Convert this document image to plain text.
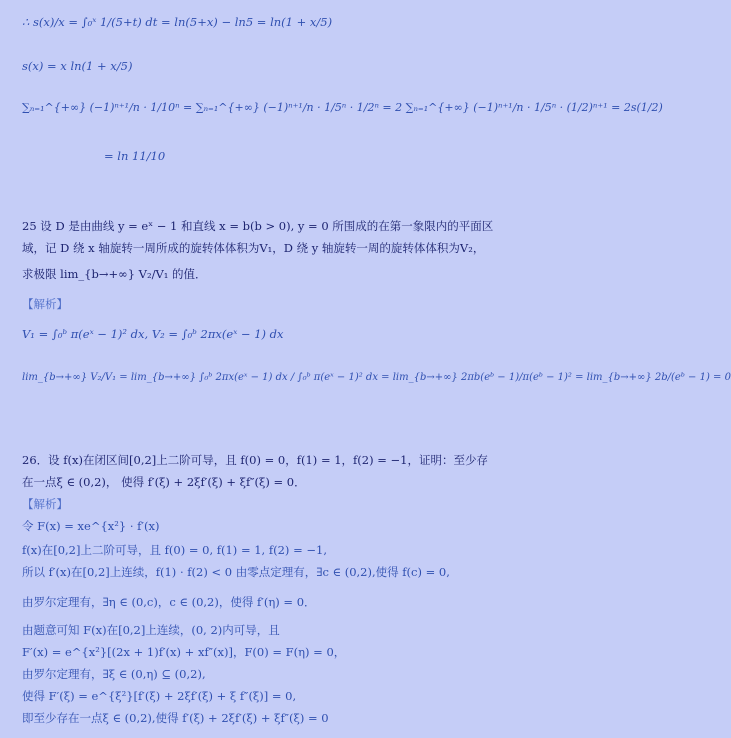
∴ s(x)/x = ∫₀ˣ 1/(5+t) dt = ln(5+x) − ln5 = ln(1 + x/5)
s(x) = x ln(1 + x/5)
∑ₙ₌₁^{+∞} (−1)ⁿ⁺¹/n · 1/10ⁿ = ∑ₙ₌₁^{+∞} (−1)ⁿ⁺¹/n · 1/5ⁿ · 1/2ⁿ = 2 ∑ₙ₌₁^{+∞} (−1)ⁿ⁺¹/n · 1/5ⁿ · (1/2)ⁿ⁺¹ = 2s(1/2)
= ln 11/10
25 设 D 是由曲线 y = eˣ − 1 和直线 x = b(b > 0), y = 0 所围成的在第一象限内的平面区
域，记 D 绕 x 轴旋转一周所成的旋转体体积为V₁，D 绕 y 轴旋转一周的旋转体体积为V₂，
求极限 lim_{b→+∞} V₂/V₁ 的值．
【解析】
V₁ = ∫₀ᵇ π(eˣ − 1)² dx, V₂ = ∫₀ᵇ 2πx(eˣ − 1) dx
lim_{b→+∞} V₂/V₁ = lim_{b→+∞} ∫₀ᵇ 2πx(eˣ − 1) dx / ∫₀ᵇ π(eˣ − 1)² dx = lim_{b→+∞} 2πb(eᵇ − 1)/π(eᵇ − 1)² = lim_{b→+∞} 2b/(eᵇ − 1) = 0
26．设 f(x)在闭区间[0,2]上二阶可导，且 f(0) = 0，f(1) = 1，f(2) = −1，证明：至少存
在一点ξ ∈ (0,2)， 使得 f′(ξ) + 2ξf′(ξ) + ξf″(ξ) = 0．
【解析】
令 F(x) = xe^{x²} · f′(x)
f(x)在[0,2]上二阶可导，且 f(0) = 0, f(1) = 1, f(2) = −1,
所以 f′(x)在[0,2]上连续，f(1) · f(2) < 0 由零点定理有，∃c ∈ (0,2),使得 f(c) = 0,
由罗尔定理有，∃η ∈ (0,c)，c ∈ (0,2)，使得 f′(η) = 0．
由题意可知 F(x)在[0,2]上连续，(0, 2)内可导，且
F′(x) = e^{x²}[(2x + 1)f′(x) + xf″(x)]，F(0) = F(η) = 0，
由罗尔定理有，∃ξ ∈ (0,η) ⊆ (0,2),
使得 F′(ξ) = e^{ξ²}[f′(ξ) + 2ξf′(ξ) + ξ f″(ξ)] = 0,
即至少存在一点ξ ∈ (0,2),使得 f′(ξ) + 2ξf′(ξ) + ξf″(ξ) = 0
